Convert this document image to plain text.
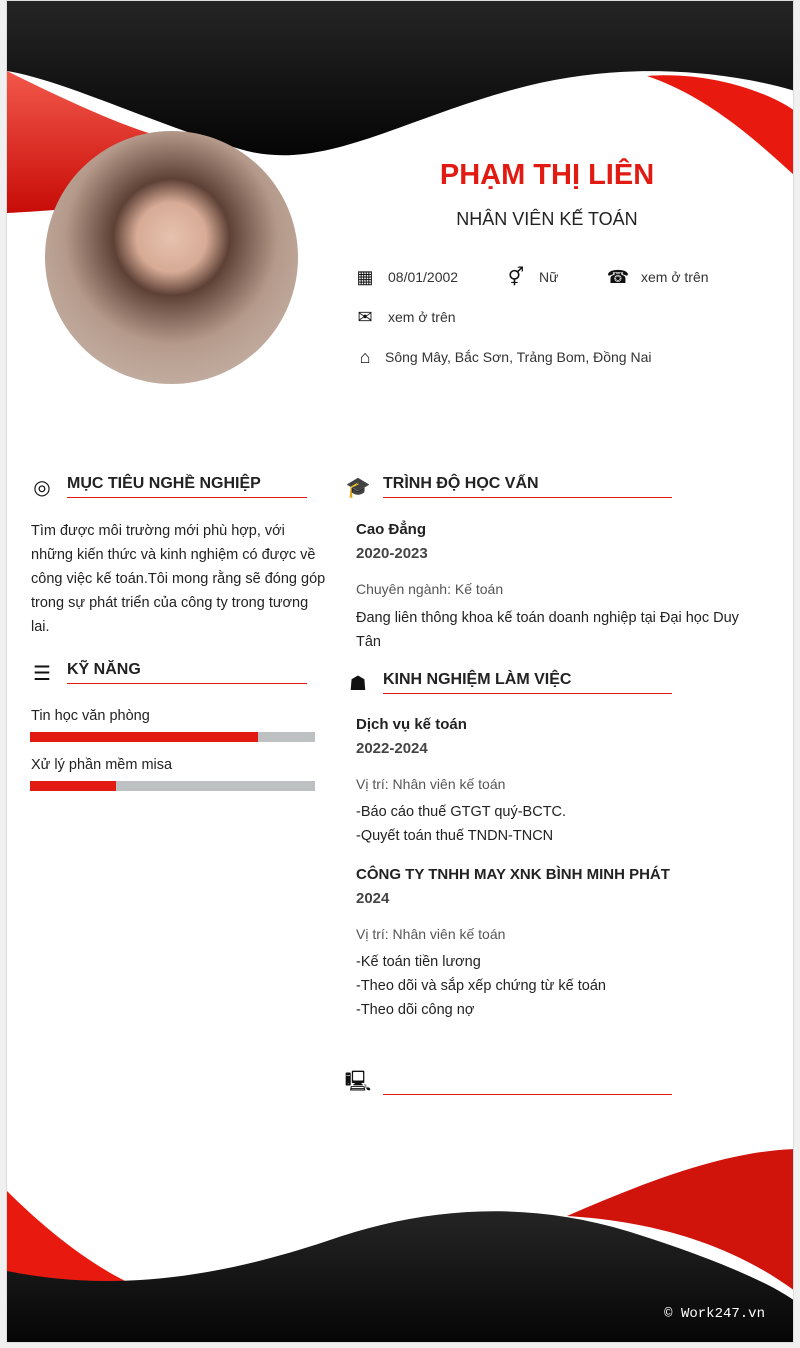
PHẠM THỊ LIÊN
NHÂN VIÊN KẾ TOÁN
▦ 08/01/2002	⚥ Nữ	☎ xem ở trên
✉ xem ở trên
⌂	Sông Mây, Bắc Sơn, Trảng Bom, Đồng Nai
◎ MỤC TIÊU NGHỀ NGHIỆP
Tìm được môi trường mới phù hợp, với những kiến thức và kinh nghiệm có được về công việc kế toán.Tôi mong rằng sẽ đóng góp trong sự phát triển của công ty trong tương lai.
☰ KỸ NĂNG
Tin học văn phòng
Xử lý phần mềm misa
🎓 TRÌNH ĐỘ HỌC VẤN
Cao Đẳng
2020-2023
Chuyên ngành: Kế toán
Đang liên thông khoa kế toán doanh nghiệp tại Đại học Duy Tân
☗ KINH NGHIỆM LÀM VIỆC
Dịch vụ kế toán
2022-2024
Vị trí: Nhân viên kế toán
-Báo cáo thuế GTGT quý-BCTC.
-Quyết toán thuế TNDN-TNCN
CÔNG TY TNHH MAY XNK BÌNH MINH PHÁT
2024
Vị trí: Nhân viên kế toán
-Kế toán tiền lương
-Theo dõi và sắp xếp chứng từ kế toán
-Theo dõi công nợ
🖳
© Work247.vn
